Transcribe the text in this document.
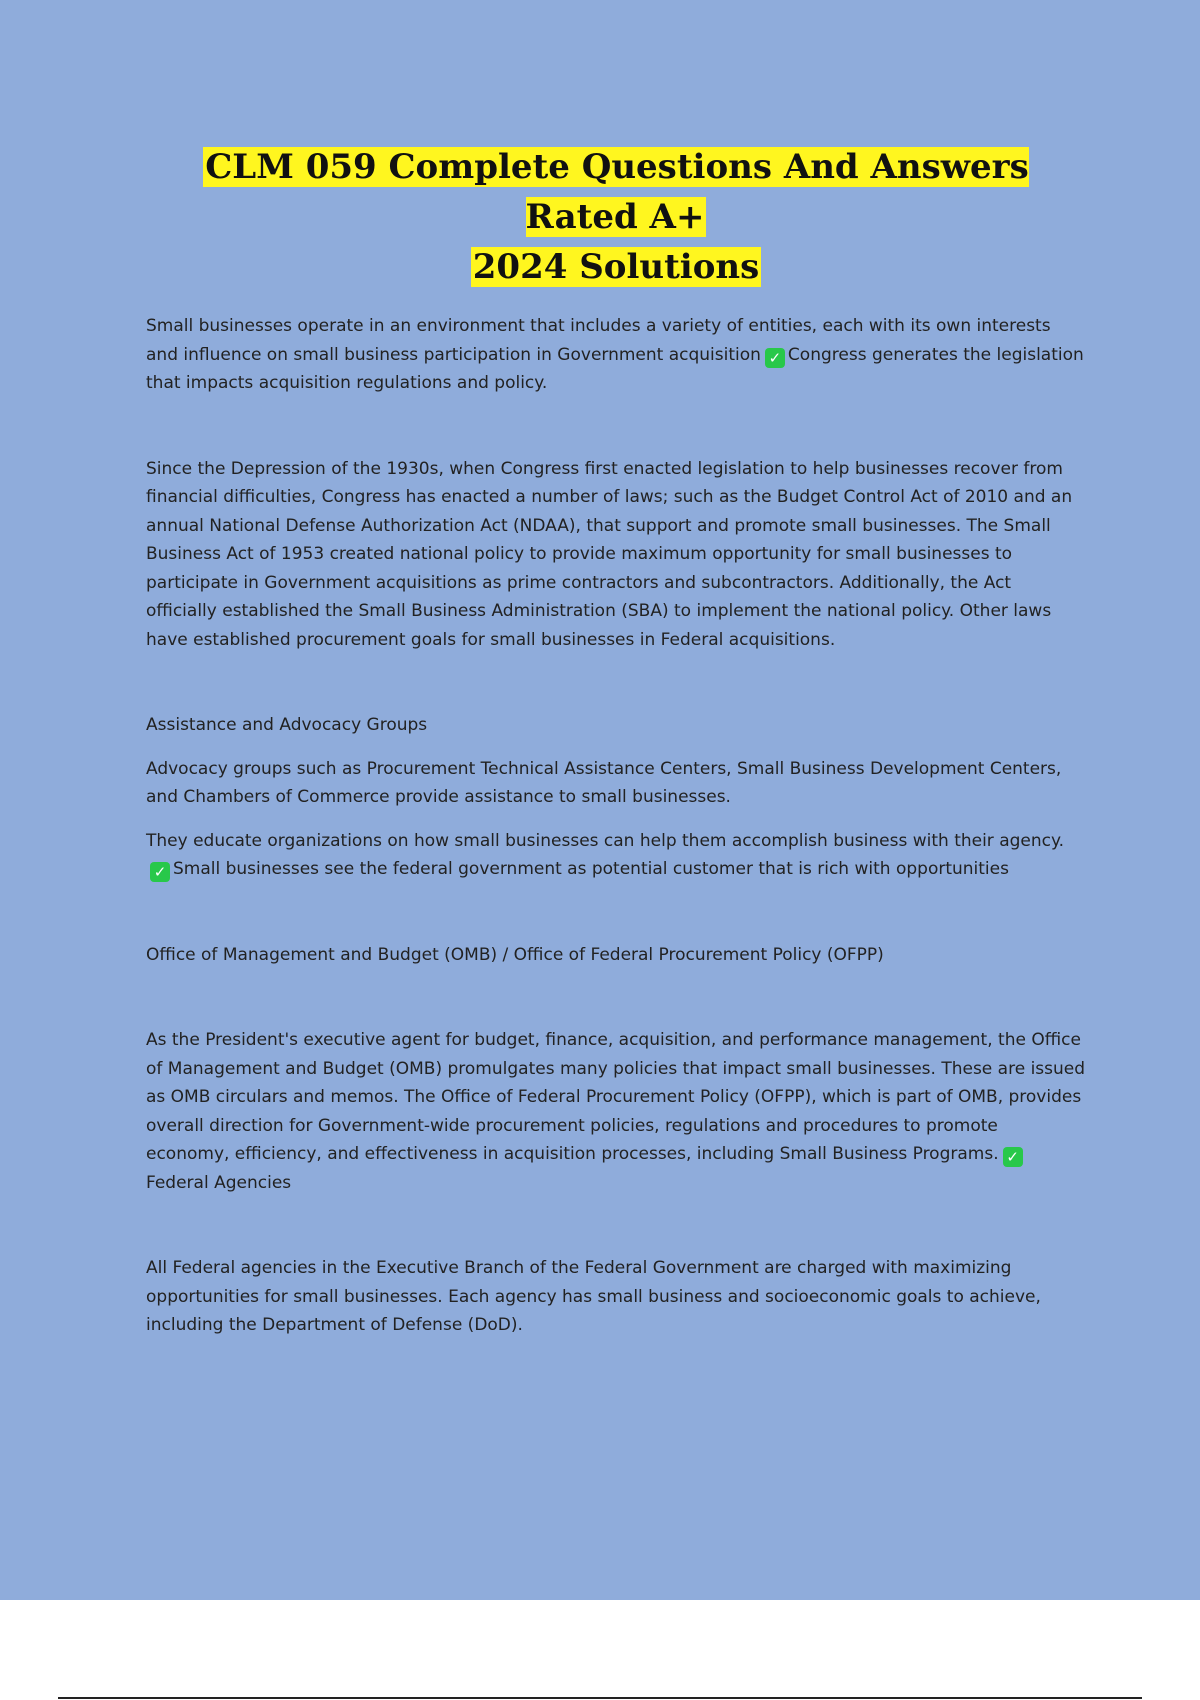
CLM 059 Complete Questions And Answers Rated A+

2024 Solutions

Small businesses operate in an environment that includes a variety of entities, each with its own interests and influence on small business participation in Government acquisition ✓ Congress generates the legislation that impacts acquisition regulations and policy.

Since the Depression of the 1930s, when Congress first enacted legislation to help businesses recover from financial difficulties, Congress has enacted a number of laws; such as the Budget Control Act of 2010 and an annual National Defense Authorization Act (NDAA), that support and promote small businesses. The Small Business Act of 1953 created national policy to provide maximum opportunity for small businesses to participate in Government acquisitions as prime contractors and subcontractors. Additionally, the Act officially established the Small Business Administration (SBA) to implement the national policy. Other laws have established procurement goals for small businesses in Federal acquisitions.

Assistance and Advocacy Groups

Advocacy groups such as Procurement Technical Assistance Centers, Small Business Development Centers, and Chambers of Commerce provide assistance to small businesses.

They educate organizations on how small businesses can help them accomplish business with their agency.✓ Small businesses see the federal government as potential customer that is rich with opportunities

Office of Management and Budget (OMB) / Office of Federal Procurement Policy (OFPP)

As the President's executive agent for budget, finance, acquisition, and performance management, the Office of Management and Budget (OMB) promulgates many policies that impact small businesses. These are issued as OMB circulars and memos. The Office of Federal Procurement Policy (OFPP), which is part of OMB, provides overall direction for Government-wide procurement policies, regulations and procedures to promote economy, efficiency, and effectiveness in acquisition processes, including Small Business Programs. ✓Federal Agencies

All Federal agencies in the Executive Branch of the Federal Government are charged with maximizing opportunities for small businesses. Each agency has small business and socioeconomic goals to achieve, including the Department of Defense (DoD).
